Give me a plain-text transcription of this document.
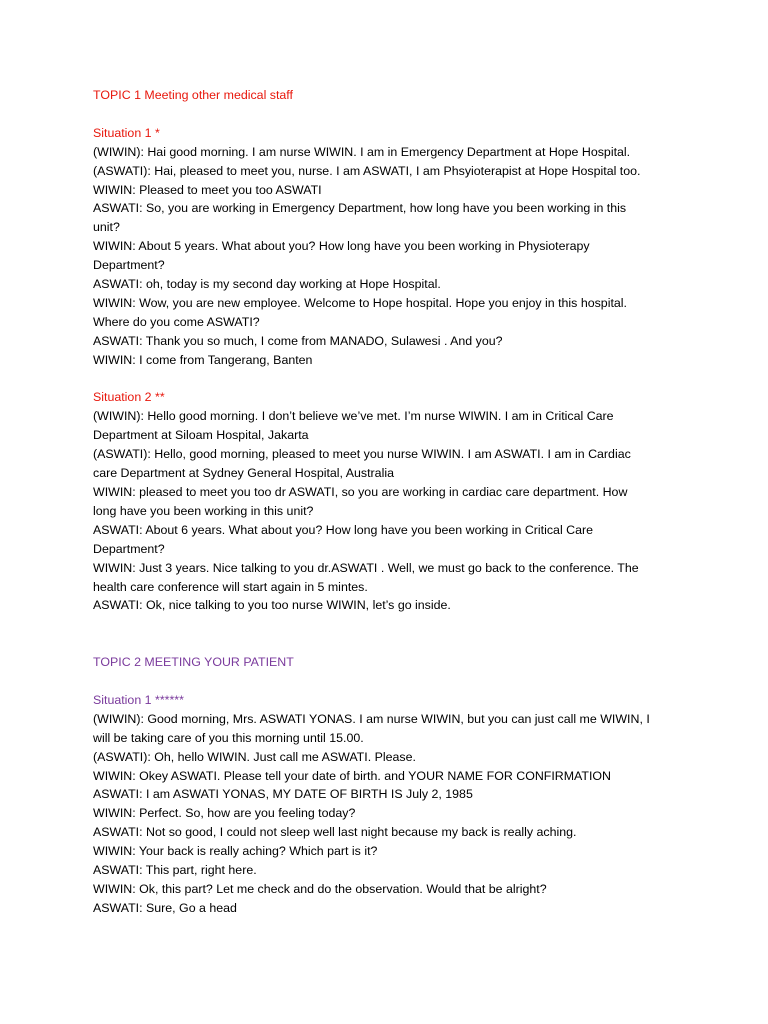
TOPIC 1 Meeting other medical staff
Situation 1 *
(WIWIN): Hai good morning. I am nurse WIWIN. I am in Emergency Department at Hope Hospital.
(ASWATI): Hai, pleased to meet you, nurse. I am ASWATI, I am Phsyioterapist at Hope Hospital too.
WIWIN: Pleased to meet you too ASWATI
ASWATI: So, you are working in Emergency Department, how long have you been working in this
unit?
WIWIN: About 5 years. What about you? How long have you been working in Physioterapy
Department?
ASWATI: oh, today is my second day working at Hope Hospital.
WIWIN: Wow, you are new employee. Welcome to Hope hospital. Hope you enjoy in this hospital.
Where do you come ASWATI?
ASWATI: Thank you so much, I come from MANADO, Sulawesi . And you?
WIWIN: I come from Tangerang, Banten
Situation 2 **
(WIWIN): Hello good morning. I don’t believe we’ve met. I’m nurse WIWIN. I am in Critical Care
Department at Siloam Hospital, Jakarta
(ASWATI): Hello, good morning, pleased to meet you nurse WIWIN. I am ASWATI. I am in Cardiac
care Department at Sydney General Hospital, Australia
WIWIN: pleased to meet you too dr ASWATI, so you are working in cardiac care department. How
long have you been working in this unit?
ASWATI: About 6 years. What about you? How long have you been working in Critical Care
Department?
WIWIN: Just 3 years. Nice talking to you dr.ASWATI . Well, we must go back to the conference. The
health care conference will start again in 5 mintes.
ASWATI: Ok, nice talking to you too nurse WIWIN, let’s go inside.
TOPIC 2 MEETING YOUR PATIENT
Situation 1 ******
(WIWIN): Good morning, Mrs. ASWATI YONAS. I am nurse WIWIN, but you can just call me WIWIN, I
will be taking care of you this morning until 15.00.
(ASWATI): Oh, hello WIWIN. Just call me ASWATI. Please.
WIWIN: Okey ASWATI. Please tell your date of birth. and YOUR NAME FOR CONFIRMATION
ASWATI: I am ASWATI YONAS, MY DATE OF BIRTH IS July 2, 1985
WIWIN: Perfect. So, how are you feeling today?
ASWATI: Not so good, I could not sleep well last night because my back is really aching.
WIWIN: Your back is really aching? Which part is it?
ASWATI: This part, right here.
WIWIN: Ok, this part? Let me check and do the observation. Would that be alright?
ASWATI: Sure, Go a head
